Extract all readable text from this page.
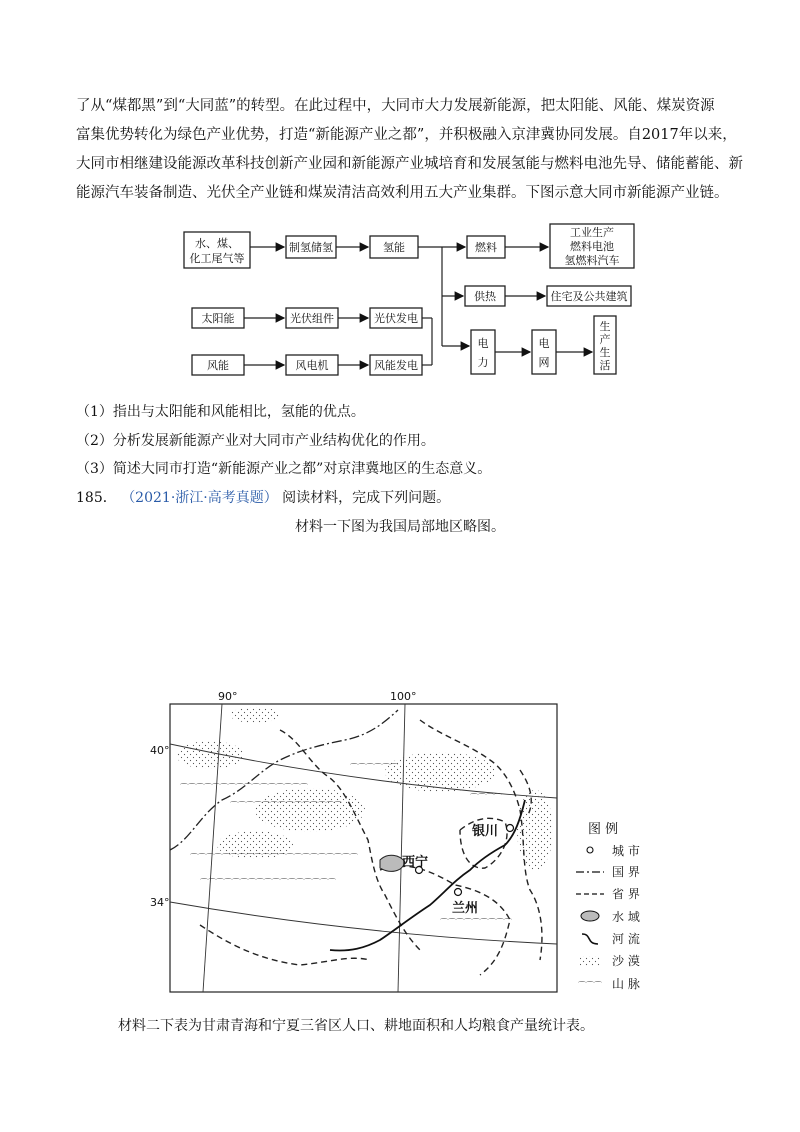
了从“煤都黑”到“大同蓝”的转型。在此过程中，大同市大力发展新能源，把太阳能、风能、煤炭资源

富集优势转化为绿色产业优势，打造“新能源产业之都”，并积极融入京津冀协同发展。自2017年以来，

大同市相继建设能源改革科技创新产业园和新能源产业城培育和发展氢能与燃料电池先导、储能蓄能、新

能源汽车装备制造、光伏全产业链和煤炭清洁高效利用五大产业集群。下图示意大同市新能源产业链。

水、煤、
化工尾气等
制氢储氢	氢能	燃料
工业生产
燃料电池
氢燃料汽车
供热	住宅及公共建筑
太阳能	光伏组件	光伏发电
风能	风电机	风能发电
电
力
电
网
生
产
生
活
（1）指出与太阳能和风能相比，氢能的优点。
（2）分析发展新能源产业对大同市产业结构优化的作用。
（3）简述大同市打造“新能源产业之都”对京津冀地区的生态意义。
185． （2021·浙江·高考真题） 阅读材料，完成下列问题。
材料一下图为我国局部地区略图。
90°	100°
40°
34°
⌒⌒⌒⌒⌒⌒⌒⌒⌒⌒⌒⌒⌒⌒⌒⌒
⌒⌒⌒⌒⌒⌒⌒⌒⌒⌒⌒⌒⌒⌒
⌒⌒⌒⌒⌒⌒⌒⌒⌒⌒⌒⌒⌒⌒⌒⌒⌒⌒⌒⌒⌒
⌒⌒⌒⌒⌒⌒⌒⌒⌒⌒⌒⌒⌒⌒⌒⌒⌒
⌒⌒⌒⌒⌒⌒
⌒⌒⌒⌒⌒⌒⌒⌒⌒
⌒⌒⌒⌒
银川
西宁
兰州
图 例
城 市
国 界
省 界
水 域
河 流
沙 漠
⌒⌒⌒ 山 脉
材料二下表为甘肃青海和宁夏三省区人口、耕地面积和人均粮食产量统计表。
